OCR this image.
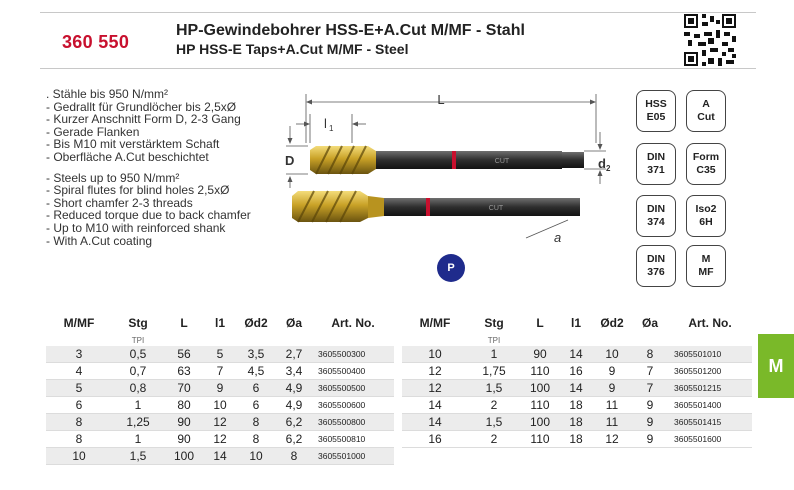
360 550
HP-Gewindebohrer HSS-E+A.Cut M/MF - Stahl
HP HSS-E Taps+A.Cut M/MF - Steel
. Stähle bis 950 N/mm²
- Gedrallt für Grundlöcher bis 2,5xØ
- Kurzer Anschnitt Form D, 2-3 Gang
- Gerade Flanken
- Bis M10 mit verstärktem Schaft
- Oberfläche A.Cut beschichtet
- Steels up to 950 N/mm²
- Spiral flutes for blind holes 2,5xØ
- Short chamfer 2-3 threads
- Reduced torque due to back chamfer
- Up to M10 with reinforced shank
- With A.Cut coating
L
l 1
D	d 2
CUT
CUT
a
P
HSS
E05
A
Cut
DIN
371
Form
C35
DIN
374
Iso2
6H
DIN
376
M
MF
M/MF	Stg	L	l1	Ød2	Øa	Art. No.
	TPI					
3	0,5	56	5	3,5	2,7	3605500300
4	0,7	63	7	4,5	3,4	3605500400
5	0,8	70	9	6	4,9	3605500500
6	1	80	10	6	4,9	3605500600
8	1,25	90	12	8	6,2	3605500800
8	1	90	12	8	6,2	3605500810
10	1,5	100	14	10	8	3605501000
M/MF	Stg	L	l1	Ød2	Øa	Art. No.
	TPI					
10	1	90	14	10	8	3605501010
12	1,75	110	16	9	7	3605501200
12	1,5	100	14	9	7	3605501215
14	2	110	18	11	9	3605501400
14	1,5	100	18	11	9	3605501415
16	2	110	18	12	9	3605501600
M
